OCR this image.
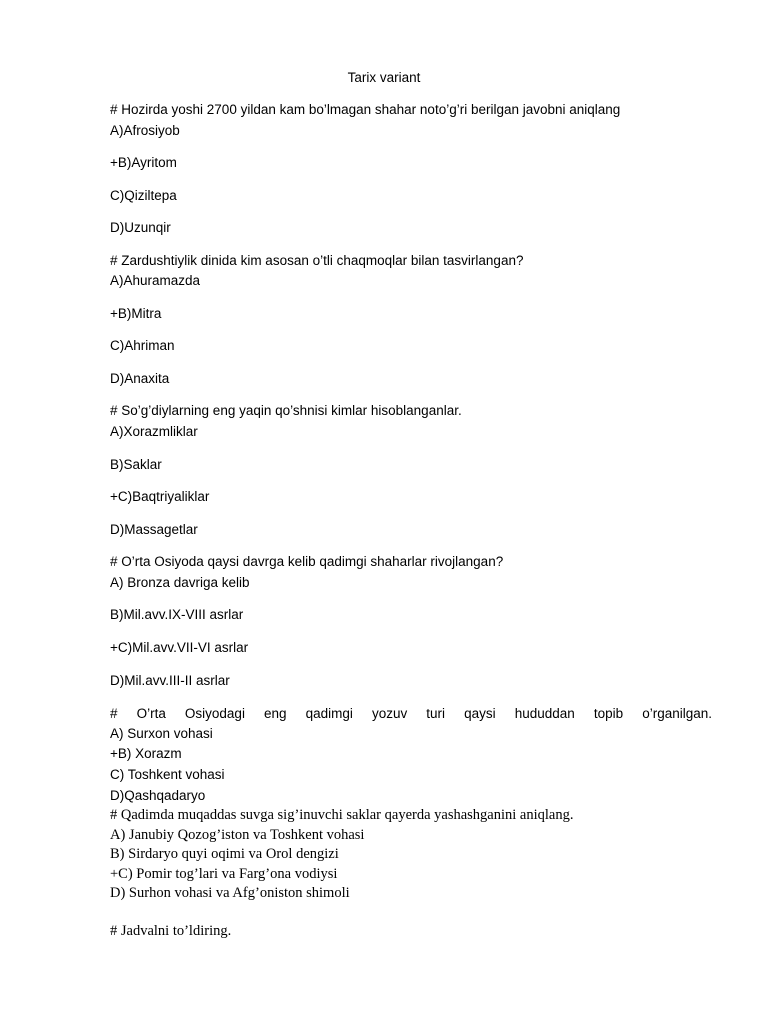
Tarix variant
# Hozirda yoshi 2700 yildan kam bo’lmagan shahar noto’g’ri berilgan javobni aniqlang
A)Afrosiyob
+B)Ayritom
C)Qiziltepa
D)Uzunqir
# Zardushtiylik dinida kim asosan o’tli chaqmoqlar bilan tasvirlangan?
A)Ahuramazda
+B)Mitra
C)Ahriman
D)Anaxita
# So’g’diylarning eng yaqin qo’shnisi kimlar hisoblanganlar.
A)Xorazmliklar
B)Saklar
+C)Baqtriyaliklar
D)Massagetlar
# O’rta Osiyoda qaysi davrga kelib qadimgi shaharlar rivojlangan?
A) Bronza davriga kelib
B)Mil.avv.IX-VIII asrlar
+C)Mil.avv.VII-VI asrlar
D)Mil.avv.III-II asrlar
# O’rta Osiyodagi eng qadimgi yozuv turi qaysi hududdan topib o’rganilgan.
A) Surxon vohasi
+B) Xorazm
C) Toshkent vohasi
D)Qashqadaryo
# Qadimda muqaddas suvga sig’inuvchi saklar qayerda yashashganini aniqlang.
A) Janubiy Qozog’iston va Toshkent vohasi
B) Sirdaryo quyi oqimi va Orol dengizi
+C) Pomir tog’lari va Farg’ona vodiysi
D) Surhon vohasi va Afg’oniston shimoli
# Jadvalni to’ldiring.
